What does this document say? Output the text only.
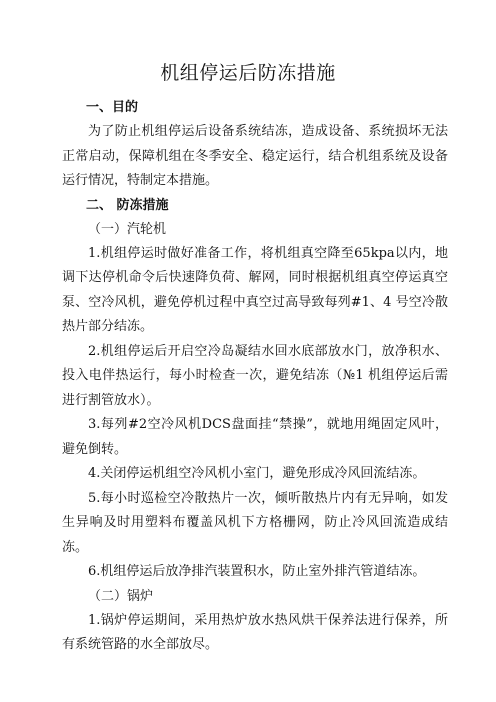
机组停运后防冻措施

一、目的

为了防止机组停运后设备系统结冻，造成设备、系统损坏无法正常启动，保障机组在冬季安全、稳定运行，结合机组系统及设备运行情况，特制定本措施。

二、 防冻措施

（一）汽轮机

1.机组停运时做好准备工作，将机组真空降至65kpa以内，地调下达停机命令后快速降负荷、解网，同时根据机组真空停运真空泵、空冷风机，避免停机过程中真空过高导致每列#1、4 号空冷散热片部分结冻。

2.机组停运后开启空冷岛凝结水回水底部放水门，放净积水、投入电伴热运行，每小时检查一次，避免结冻（№1 机组停运后需进行割管放水）。

3.每列#2空冷风机DCS盘面挂“禁操”，就地用绳固定风叶，避免倒转。

4.关闭停运机组空冷风机小室门，避免形成冷风回流结冻。

5.每小时巡检空冷散热片一次，倾听散热片内有无异响，如发生异响及时用塑料布覆盖风机下方格栅网，防止冷风回流造成结冻。

6.机组停运后放净排汽装置积水，防止室外排汽管道结冻。

（二）锅炉

1.锅炉停运期间，采用热炉放水热风烘干保养法进行保养，所有系统管路的水全部放尽。
